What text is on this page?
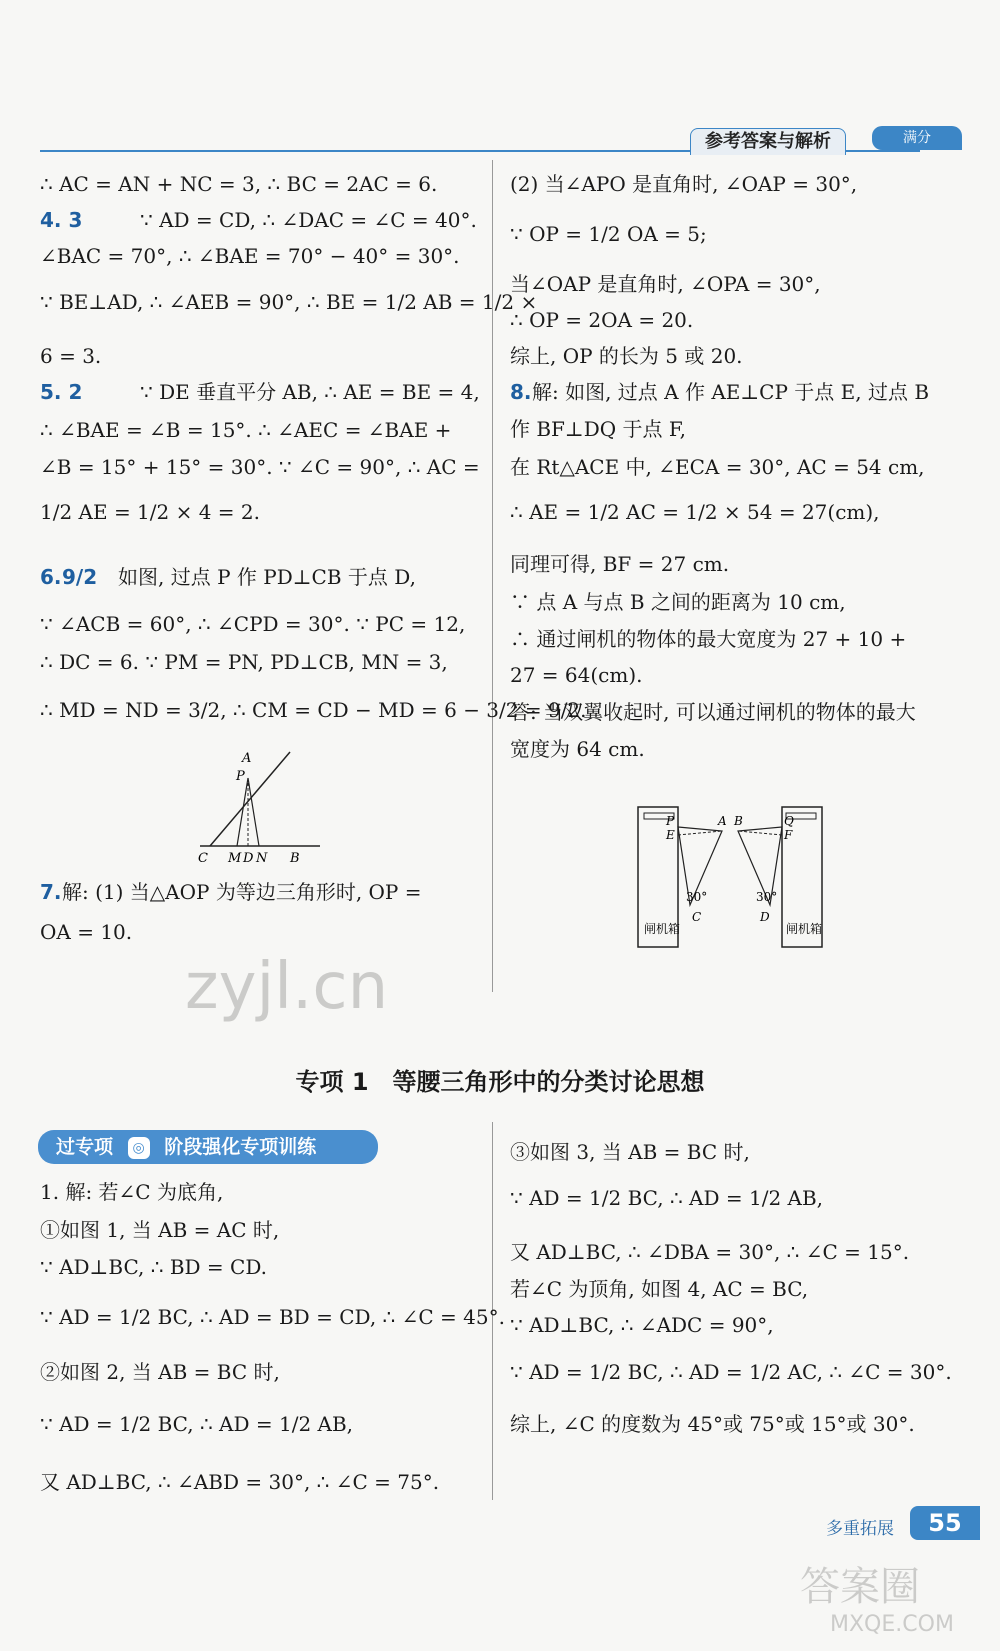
参考答案与解析	满分
∴ AC = AN + NC = 3, ∴ BC = 2AC = 6.
4. 3	∵ AD = CD, ∴ ∠DAC = ∠C = 40°.
∠BAC = 70°, ∴ ∠BAE = 70° − 40° = 30°.
∵ BE⊥AD, ∴ ∠AEB = 90°, ∴ BE = 1/2 AB = 1/2 ×
6 = 3.
5. 2	∵ DE 垂直平分 AB, ∴ AE = BE = 4,
∴ ∠BAE = ∠B = 15°. ∴ ∠AEC = ∠BAE +
∠B = 15° + 15° = 30°. ∵ ∠C = 90°, ∴ AC =
1/2 AE = 1/2 × 4 = 2.
6. 9/2 如图, 过点 P 作 PD⊥CB 于点 D,
∵ ∠ACB = 60°, ∴ ∠CPD = 30°. ∵ PC = 12,
∴ DC = 6. ∵ PM = PN, PD⊥CB, MN = 3,
∴ MD = ND = 3/2, ∴ CM = CD − MD = 6 − 3/2 = 9/2.
A
P
C M D N B
7. 解: (1) 当△AOP 为等边三角形时, OP =
OA = 10.
(2) 当∠APO 是直角时, ∠OAP = 30°,
∵ OP = 1/2 OA = 5;
当∠OAP 是直角时, ∠OPA = 30°,
∴ OP = 2OA = 20.
综上, OP 的长为 5 或 20.
8. 解: 如图, 过点 A 作 AE⊥CP 于点 E, 过点 B
作 BF⊥DQ 于点 F,
在 Rt△ACE 中, ∠ECA = 30°, AC = 54 cm,
∴ AE = 1/2 AC = 1/2 × 54 = 27(cm),
同理可得, BF = 27 cm.
∵ 点 A 与点 B 之间的距离为 10 cm,
∴ 通过闸机的物体的最大宽度为 27 + 10 +
27 = 64(cm).
答: 当双翼收起时, 可以通过闸机的物体的最大
宽度为 64 cm.
P
E
A B	Q
F
30°	30°
C	D
闸机箱	闸机箱
zyjl.cn
专项 1　等腰三角形中的分类讨论思想
过专项 ◎ 阶段强化专项训练
1. 解: 若∠C 为底角,
①如图 1, 当 AB = AC 时,
∵ AD⊥BC, ∴ BD = CD.
∵ AD = 1/2 BC, ∴ AD = BD = CD, ∴ ∠C = 45°.
②如图 2, 当 AB = BC 时,
∵ AD = 1/2 BC, ∴ AD = 1/2 AB,
又 AD⊥BC, ∴ ∠ABD = 30°, ∴ ∠C = 75°.
③如图 3, 当 AB = BC 时,
∵ AD = 1/2 BC, ∴ AD = 1/2 AB,
又 AD⊥BC, ∴ ∠DBA = 30°, ∴ ∠C = 15°.
若∠C 为顶角, 如图 4, AC = BC,
∵ AD⊥BC, ∴ ∠ADC = 90°,
∵ AD = 1/2 BC, ∴ AD = 1/2 AC, ∴ ∠C = 30°.
综上, ∠C 的度数为 45°或 75°或 15°或 30°.
多重拓展	55
答案圈
MXQE.COM
